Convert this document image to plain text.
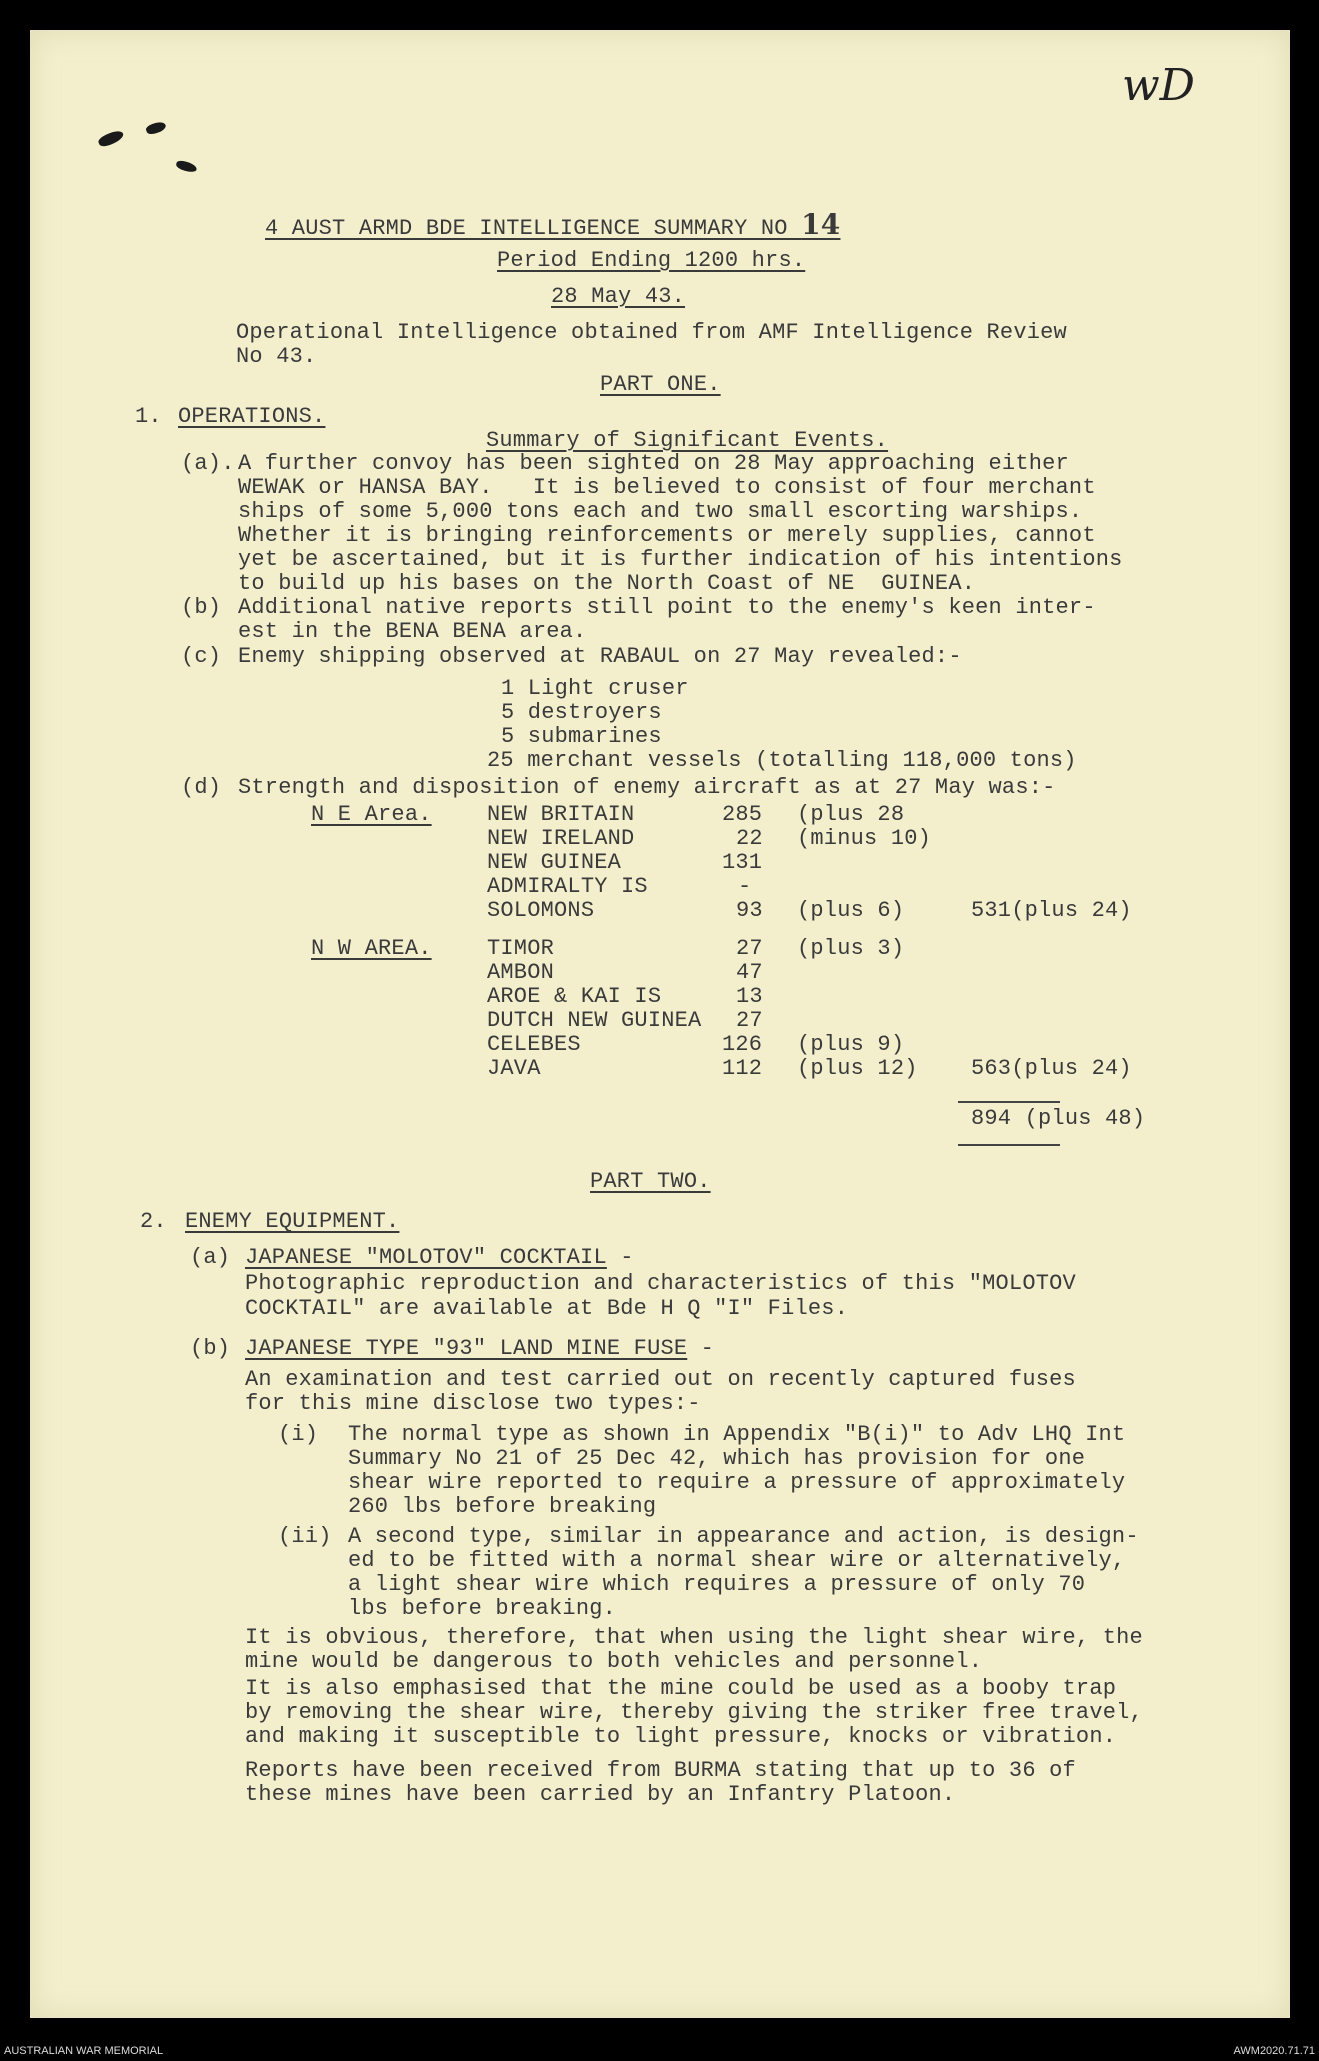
wD
4 AUST ARMD BDE INTELLIGENCE SUMMARY NO 14
Period Ending 1200 hrs.
28 May 43.
Operational Intelligence obtained from AMF Intelligence Review
No 43.
PART ONE.
1. OPERATIONS.
Summary of Significant Events.
(a). A further convoy has been sighted on 28 May approaching either
WEWAK or HANSA BAY.   It is believed to consist of four merchant
ships of some 5,000 tons each and two small escorting warships.
Whether it is bringing reinforcements or merely supplies, cannot
yet be ascertained, but it is further indication of his intentions
to build up his bases on the North Coast of NE  GUINEA.
(b) Additional native reports still point to the enemy's keen inter-
est in the BENA BENA area.
(c) Enemy shipping observed at RABAUL on 27 May revealed:-
1 Light cruser
5 destroyers
5 submarines
25 merchant vessels (totalling 118,000 tons)
(d) Strength and disposition of enemy aircraft as at 27 May was:-
N E Area.	NEW BRITAIN	285 (plus 28
NEW IRELAND	22 (minus 10)
NEW GUINEA	131
ADMIRALTY IS	-
SOLOMONS	93 (plus 6)	531(plus 24)
N W AREA.	TIMOR	27 (plus 3)
AMBON	47
AROE & KAI IS	13
DUTCH NEW GUINEA 27
CELEBES	126 (plus 9)
JAVA	112 (plus 12) 563(plus 24)
894 (plus 48)
PART TWO.
2. ENEMY EQUIPMENT.
(a) JAPANESE "MOLOTOV" COCKTAIL -
Photographic reproduction and characteristics of this "MOLOTOV
COCKTAIL" are available at Bde H Q "I" Files.
(b) JAPANESE TYPE "93" LAND MINE FUSE -
An examination and test carried out on recently captured fuses
for this mine disclose two types:-
(i) The normal type as shown in Appendix "B(i)" to Adv LHQ Int
Summary No 21 of 25 Dec 42, which has provision for one
shear wire reported to require a pressure of approximately
260 lbs before breaking
(ii) A second type, similar in appearance and action, is design-
ed to be fitted with a normal shear wire or alternatively,
a light shear wire which requires a pressure of only 70
lbs before breaking.
It is obvious, therefore, that when using the light shear wire, the
mine would be dangerous to both vehicles and personnel.
It is also emphasised that the mine could be used as a booby trap
by removing the shear wire, thereby giving the striker free travel,
and making it susceptible to light pressure, knocks or vibration.
Reports have been received from BURMA stating that up to 36 of
these mines have been carried by an Infantry Platoon.
AUSTRALIAN WAR MEMORIAL	AWM2020.71.71
